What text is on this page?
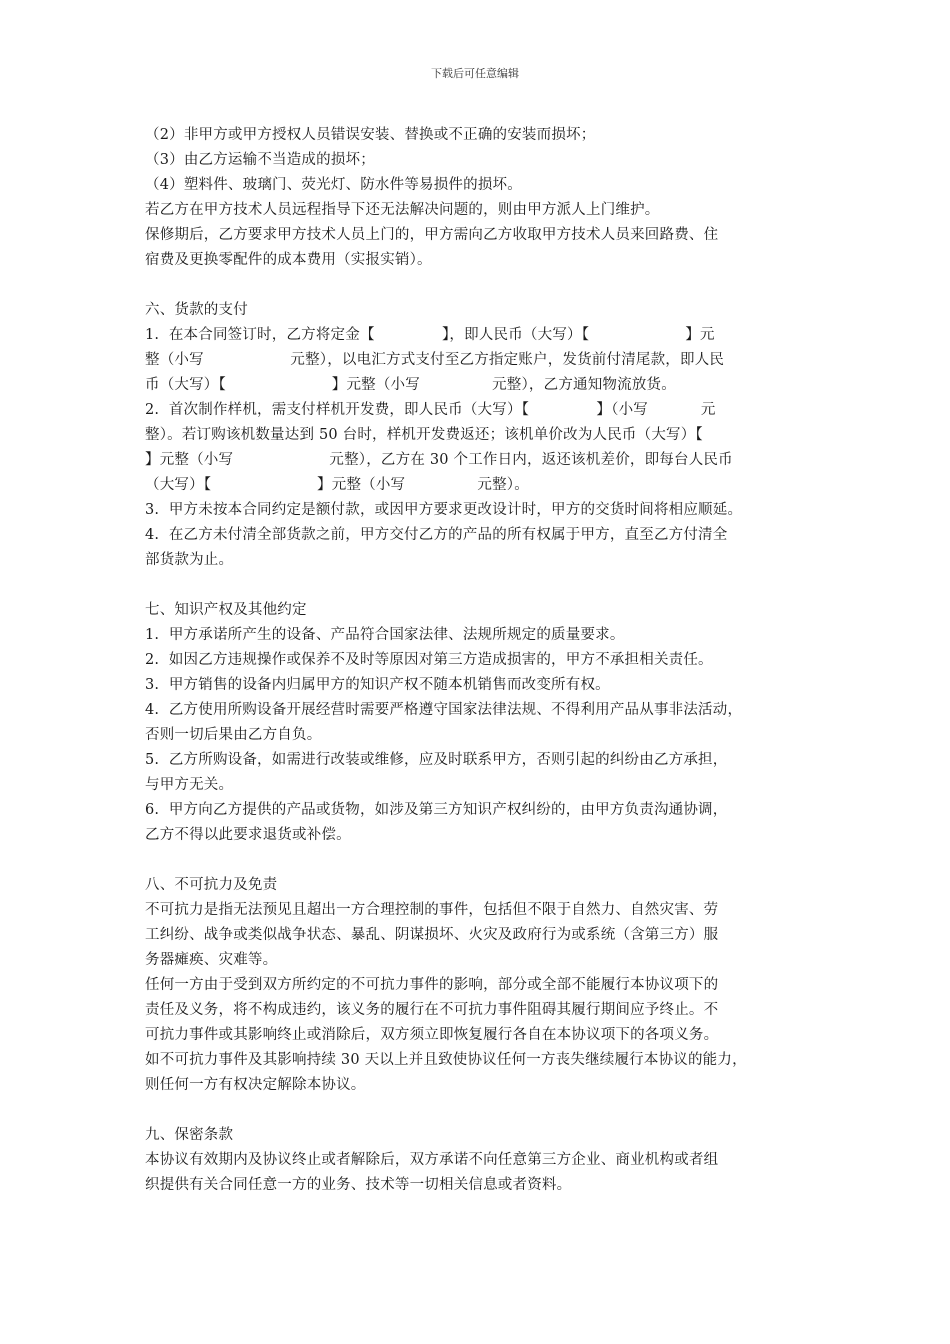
下载后可任意编辑
（2）非甲方或甲方授权人员错误安装、替换或不正确的安装而损坏；
（3）由乙方运输不当造成的损坏；
（4）塑料件、玻璃门、荧光灯、防水件等易损件的损坏。
若乙方在甲方技术人员远程指导下还无法解决问题的，则由甲方派人上门维护。
保修期后，乙方要求甲方技术人员上门的，甲方需向乙方收取甲方技术人员来回路费、住
宿费及更换零配件的成本费用（实报实销）。
六、货款的支付
1.  在本合同签订时，乙方将定金【              】，即人民币（大写）【                    】元
整（小写                  元整），以电汇方式支付至乙方指定账户，发货前付清尾款，即人民
币（大写）【                      】元整（小写               元整），乙方通知物流放货。
2.  首次制作样机，需支付样机开发费，即人民币（大写）【              】（小写           元
整）。若订购该机数量达到 50 台时，样机开发费返还；该机单价改为人民币（大写）【
】元整（小写                    元整），乙方在 30 个工作日内，返还该机差价，即每台人民币
（大写）【                      】元整（小写               元整）。
3.  甲方未按本合同约定是额付款，或因甲方要求更改设计时，甲方的交货时间将相应顺延。
4.  在乙方未付清全部货款之前，甲方交付乙方的产品的所有权属于甲方，直至乙方付清全
部货款为止。
七、知识产权及其他约定
1.  甲方承诺所产生的设备、产品符合国家法律、法规所规定的质量要求。
2.  如因乙方违规操作或保养不及时等原因对第三方造成损害的，甲方不承担相关责任。
3.  甲方销售的设备内归属甲方的知识产权不随本机销售而改变所有权。
4.  乙方使用所购设备开展经营时需要严格遵守国家法律法规、不得利用产品从事非法活动，
否则一切后果由乙方自负。
5.  乙方所购设备，如需进行改装或维修，应及时联系甲方，否则引起的纠纷由乙方承担，
与甲方无关。
6.  甲方向乙方提供的产品或货物，如涉及第三方知识产权纠纷的，由甲方负责沟通协调，
乙方不得以此要求退货或补偿。
八、不可抗力及免责
不可抗力是指无法预见且超出一方合理控制的事件，包括但不限于自然力、自然灾害、劳
工纠纷、战争或类似战争状态、暴乱、阴谋损坏、火灾及政府行为或系统（含第三方）服
务器瘫痪、灾难等。
任何一方由于受到双方所约定的不可抗力事件的影响，部分或全部不能履行本协议项下的
责任及义务，将不构成违约，该义务的履行在不可抗力事件阻碍其履行期间应予终止。不
可抗力事件或其影响终止或消除后，双方须立即恢复履行各自在本协议项下的各项义务。
如不可抗力事件及其影响持续 30 天以上并且致使协议任何一方丧失继续履行本协议的能力，
则任何一方有权决定解除本协议。
九、保密条款
本协议有效期内及协议终止或者解除后，双方承诺不向任意第三方企业、商业机构或者组
织提供有关合同任意一方的业务、技术等一切相关信息或者资料。
